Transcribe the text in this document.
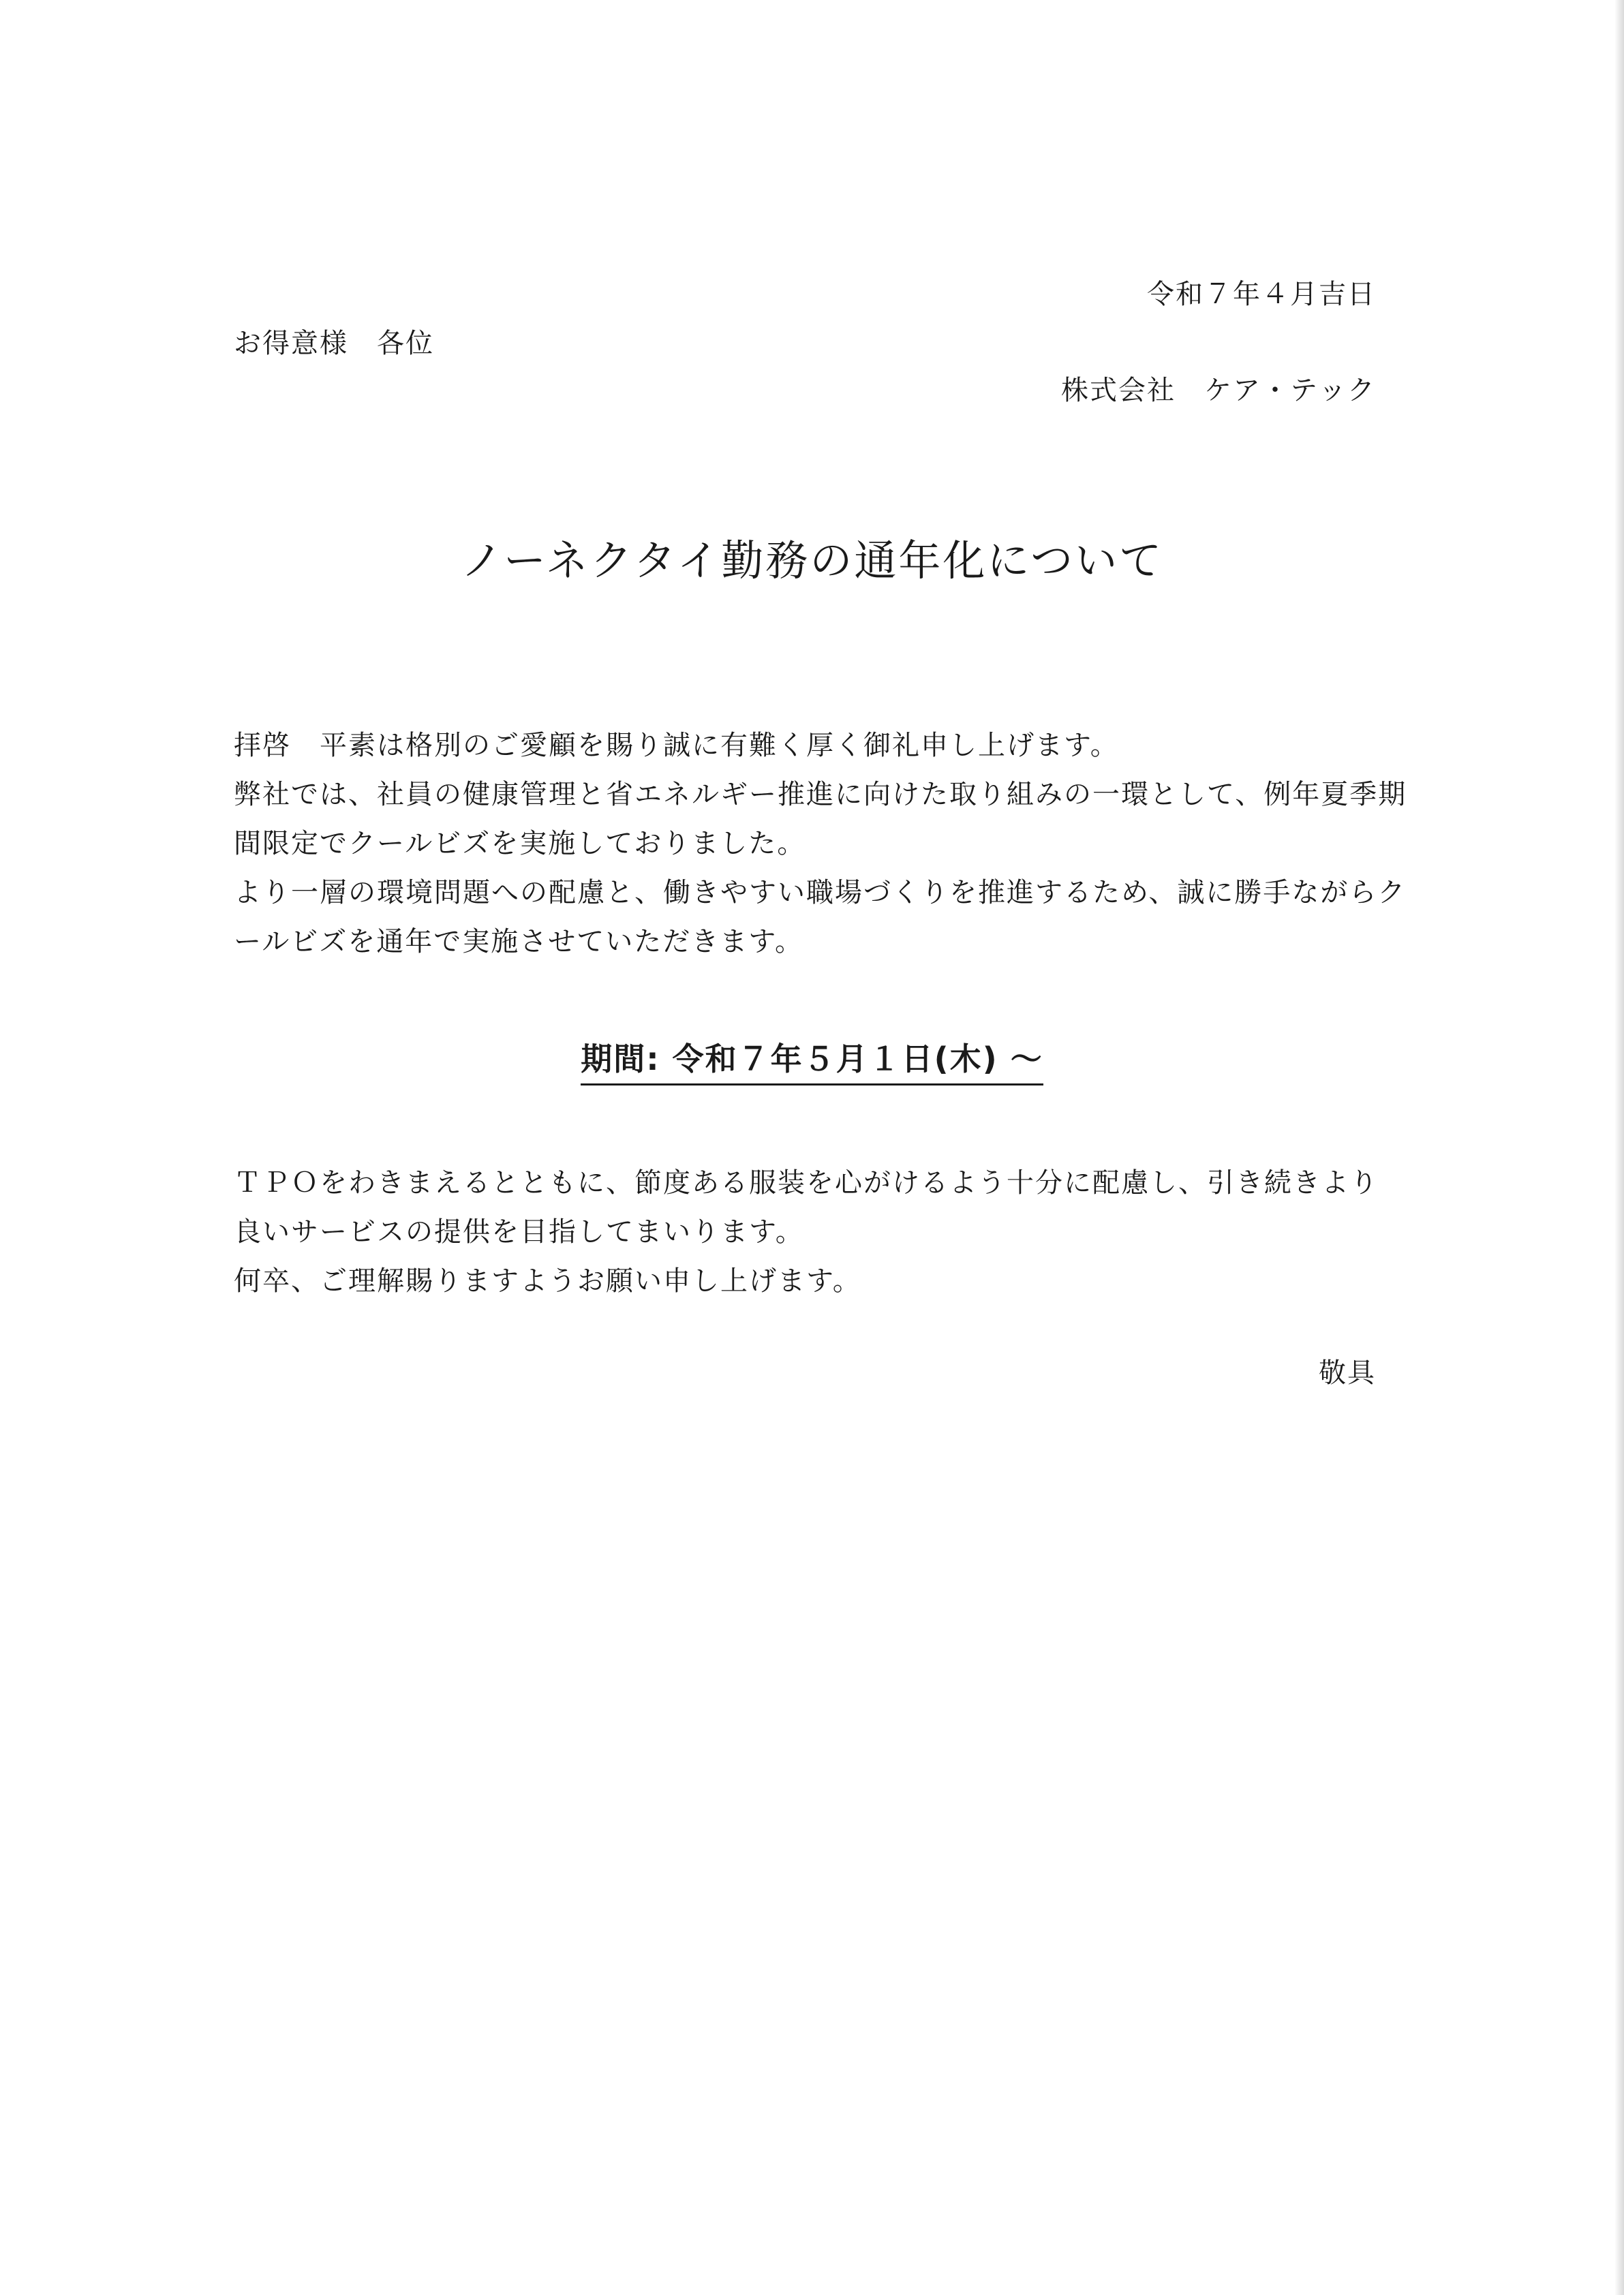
令和７年４月吉日
お得意様　各位
株式会社　ケア・テック
ノーネクタイ勤務の通年化について

拝啓　平素は格別のご愛顧を賜り誠に有難く厚く御礼申し上げます。

弊社では、社員の健康管理と省エネルギー推進に向けた取り組みの一環として、例年夏季期

間限定でクールビズを実施しておりました。

より一層の環境問題への配慮と、働きやすい職場づくりを推進するため、誠に勝手ながらク

ールビズを通年で実施させていただきます。

期間: 令和７年５月１日(木) ～

ＴＰＯをわきまえるとともに、節度ある服装を心がけるよう十分に配慮し、引き続きより

良いサービスの提供を目指してまいります。

何卒、ご理解賜りますようお願い申し上げます。

敬具
